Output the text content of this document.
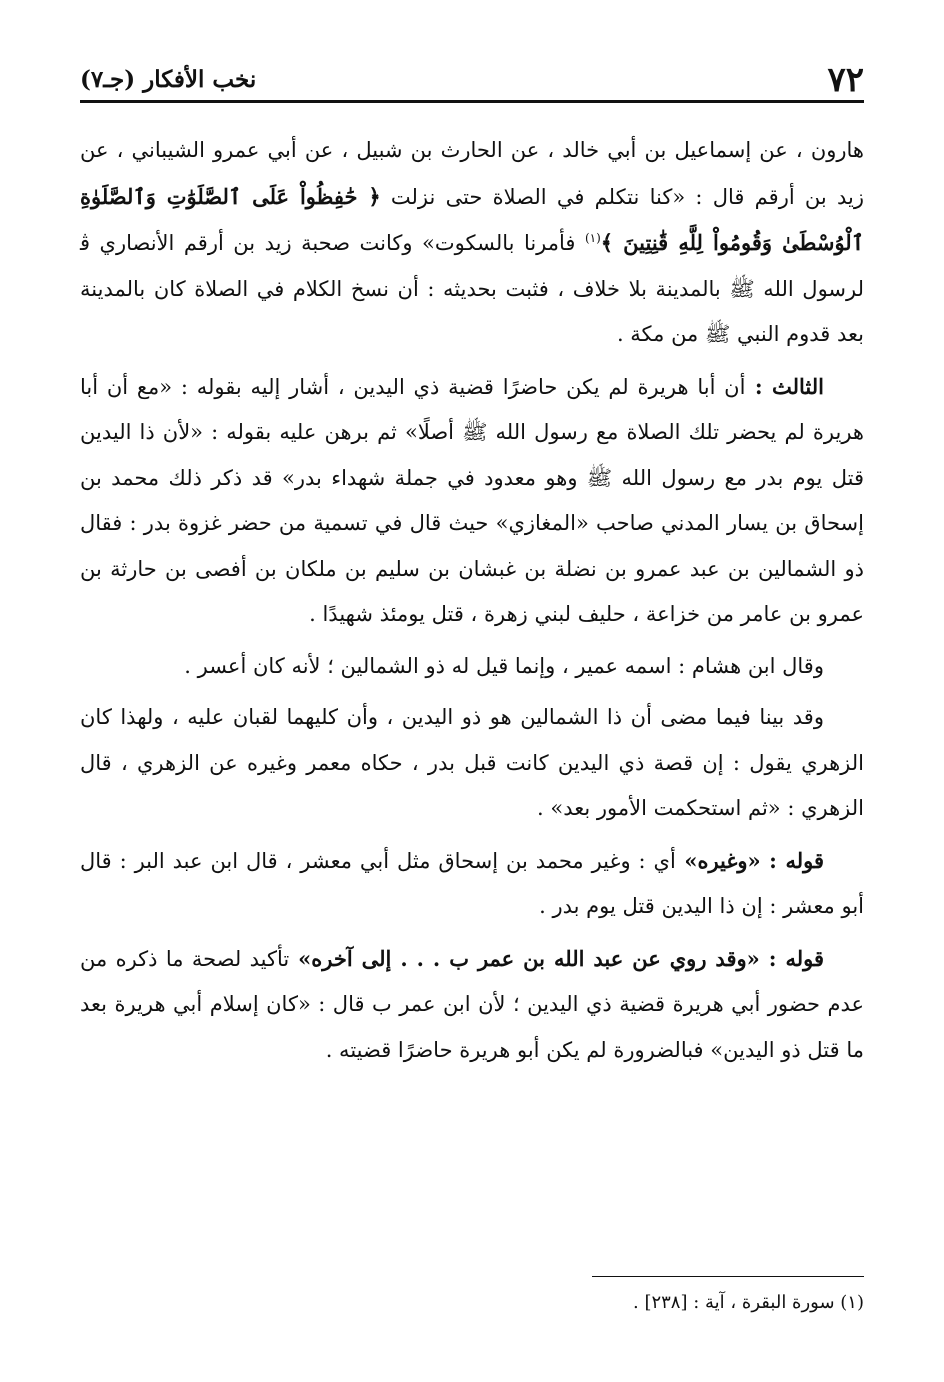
٧٢
نخب الأفكار (جـ٧)

هارون ، عن إسماعيل بن أبي خالد ، عن الحارث بن شبيل ، عن أبي عمرو الشيباني ، عن زيد بن أرقم قال : «كنا نتكلم في الصلاة حتى نزلت ﴿ حَٰفِظُواْ عَلَى ٱلصَّلَوَٰتِ وَٱلصَّلَوٰةِ ٱلْوُسْطَىٰ وَقُومُواْ لِلَّهِ قَٰنِتِينَ ﴾$^{(١)}$ فأمرنا بالسكوت» وكانت صحبة زيد بن أرقم الأنصاري ﭬ لرسول الله ﷺ بالمدينة بلا خلاف ، فثبت بحديثه : أن نسخ الكلام في الصلاة كان بالمدينة بعد قدوم النبي ﷺ من مكة .

الثالث : أن أبا هريرة لم يكن حاضرًا قضية ذي اليدين ، أشار إليه بقوله : «مع أن أبا هريرة لم يحضر تلك الصلاة مع رسول الله ﷺ أصلًا» ثم برهن عليه بقوله : «لأن ذا اليدين قتل يوم بدر مع رسول الله ﷺ وهو معدود في جملة شهداء بدر» قد ذكر ذلك محمد بن إسحاق بن يسار المدني صاحب «المغازي» حيث قال في تسمية من حضر غزوة بدر : فقال ذو الشمالين بن عبد عمرو بن نضلة بن غبشان بن سليم بن ملكان بن أفصى بن حارثة بن عمرو بن عامر من خزاعة ، حليف لبني زهرة ، قتل يومئذ شهيدًا .

وقال ابن هشام : اسمه عمير ، وإنما قيل له ذو الشمالين ؛ لأنه كان أعسر .

وقد بينا فيما مضى أن ذا الشمالين هو ذو اليدين ، وأن كليهما لقبان عليه ، ولهذا كان الزهري يقول : إن قصة ذي اليدين كانت قبل بدر ، حكاه معمر وغيره عن الزهري ، قال الزهري : «ثم استحكمت الأمور بعد» .

قوله : «وغيره» أي : وغير محمد بن إسحاق مثل أبي معشر ، قال ابن عبد البر : قال أبو معشر : إن ذا اليدين قتل يوم بدر .

قوله : «وقد روي عن عبد الله بن عمر ب . . . إلى آخره» تأكيد لصحة ما ذكره من عدم حضور أبي هريرة قضية ذي اليدين ؛ لأن ابن عمر ب قال : «كان إسلام أبي هريرة بعد ما قتل ذو اليدين» فبالضرورة لم يكن أبو هريرة حاضرًا قضيته .

(١) سورة البقرة ، آية : [٢٣٨] .
